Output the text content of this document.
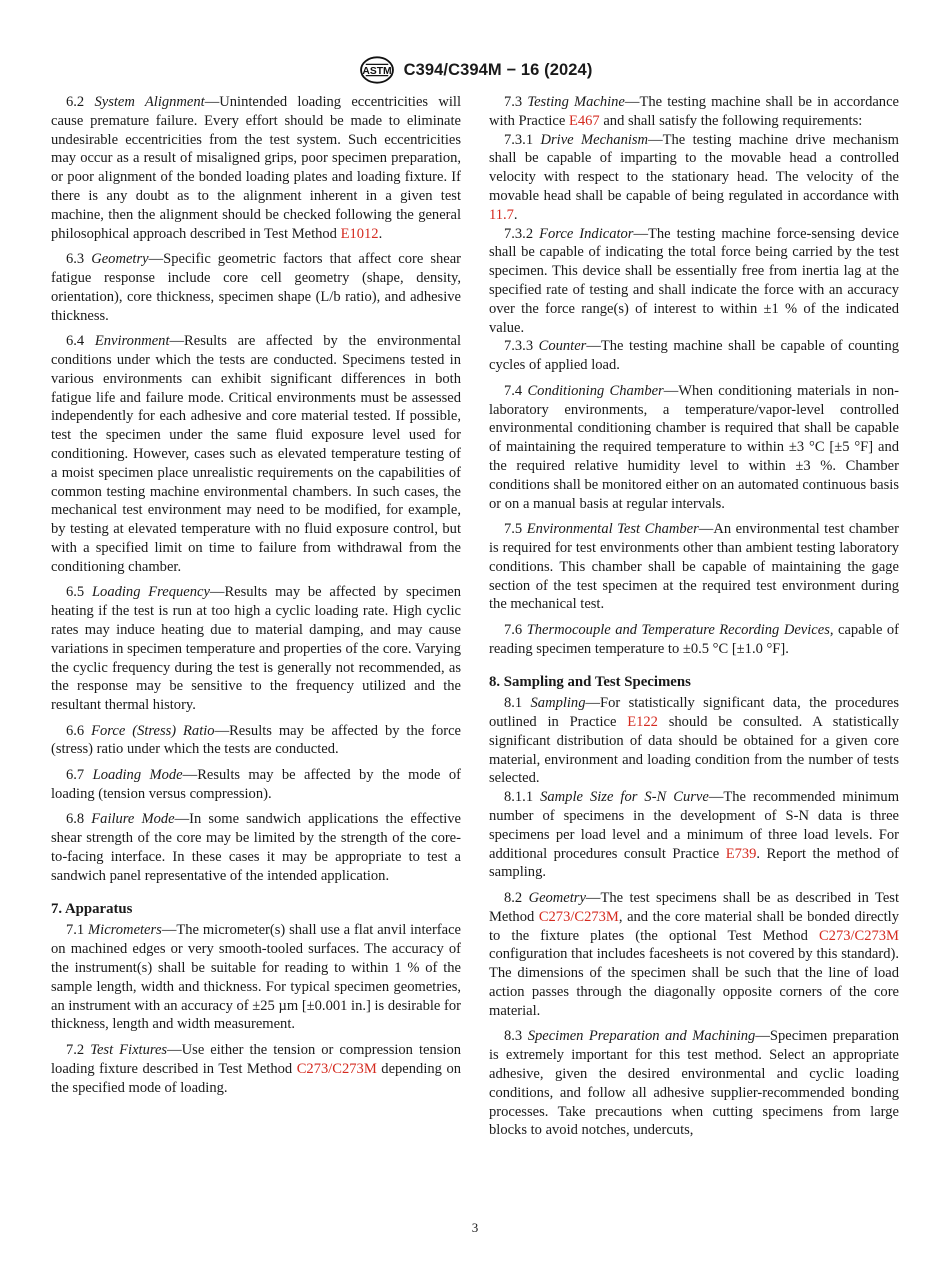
ASTM C394/C394M − 16 (2024)

6.2 System Alignment—Unintended loading eccentricities will cause premature failure. Every effort should be made to eliminate undesirable eccentricities from the test system. Such eccentricities may occur as a result of misaligned grips, poor specimen preparation, or poor alignment of the bonded loading plates and loading fixture. If there is any doubt as to the alignment inherent in a given test machine, then the alignment should be checked following the general philosophical approach described in Test Method E1012.

6.3 Geometry—Specific geometric factors that affect core shear fatigue response include core cell geometry (shape, density, orientation), core thickness, specimen shape (L/b ratio), and adhesive thickness.

6.4 Environment—Results are affected by the environmental conditions under which the tests are conducted. Specimens tested in various environments can exhibit significant differences in both fatigue life and failure mode. Critical environments must be assessed independently for each adhesive and core material tested. If possible, test the specimen under the same fluid exposure level used for conditioning. However, cases such as elevated temperature testing of a moist specimen place unrealistic requirements on the capabilities of common testing machine environmental chambers. In such cases, the mechanical test environment may need to be modified, for example, by testing at elevated temperature with no fluid exposure control, but with a specified limit on time to failure from withdrawal from the conditioning chamber.

6.5 Loading Frequency—Results may be affected by specimen heating if the test is run at too high a cyclic loading rate. High cyclic rates may induce heating due to material damping, and may cause variations in specimen temperature and properties of the core. Varying the cyclic frequency during the test is generally not recommended, as the response may be sensitive to the frequency utilized and the resultant thermal history.

6.6 Force (Stress) Ratio—Results may be affected by the force (stress) ratio under which the tests are conducted.

6.7 Loading Mode—Results may be affected by the mode of loading (tension versus compression).

6.8 Failure Mode—In some sandwich applications the effective shear strength of the core may be limited by the strength of the core-to-facing interface. In these cases it may be appropriate to test a sandwich panel representative of the intended application.

7. Apparatus

7.1 Micrometers—The micrometer(s) shall use a flat anvil interface on machined edges or very smooth-tooled surfaces. The accuracy of the instrument(s) shall be suitable for reading to within 1 % of the sample length, width and thickness. For typical specimen geometries, an instrument with an accuracy of ±25 µm [±0.001 in.] is desirable for thickness, length and width measurement.

7.2 Test Fixtures—Use either the tension or compression tension loading fixture described in Test Method C273/C273M depending on the specified mode of loading.

7.3 Testing Machine—The testing machine shall be in accordance with Practice E467 and shall satisfy the following requirements:

7.3.1 Drive Mechanism—The testing machine drive mechanism shall be capable of imparting to the movable head a controlled velocity with respect to the stationary head. The velocity of the movable head shall be capable of being regulated in accordance with 11.7.

7.3.2 Force Indicator—The testing machine force-sensing device shall be capable of indicating the total force being carried by the test specimen. This device shall be essentially free from inertia lag at the specified rate of testing and shall indicate the force with an accuracy over the force range(s) of interest to within ±1 % of the indicated value.

7.3.3 Counter—The testing machine shall be capable of counting cycles of applied load.

7.4 Conditioning Chamber—When conditioning materials in non-laboratory environments, a temperature/vapor-level controlled environmental conditioning chamber is required that shall be capable of maintaining the required temperature to within ±3 °C [±5 °F] and the required relative humidity level to within ±3 %. Chamber conditions shall be monitored either on an automated continuous basis or on a manual basis at regular intervals.

7.5 Environmental Test Chamber—An environmental test chamber is required for test environments other than ambient testing laboratory conditions. This chamber shall be capable of maintaining the gage section of the test specimen at the required test environment during the mechanical test.

7.6 Thermocouple and Temperature Recording Devices, capable of reading specimen temperature to ±0.5 °C [±1.0 °F].

8. Sampling and Test Specimens

8.1 Sampling—For statistically significant data, the procedures outlined in Practice E122 should be consulted. A statistically significant distribution of data should be obtained for a given core material, environment and loading condition from the number of tests selected.

8.1.1 Sample Size for S-N Curve—The recommended minimum number of specimens in the development of S-N data is three specimens per load level and a minimum of three load levels. For additional procedures consult Practice E739. Report the method of sampling.

8.2 Geometry—The test specimens shall be as described in Test Method C273/C273M, and the core material shall be bonded directly to the fixture plates (the optional Test Method C273/C273M configuration that includes facesheets is not covered by this standard). The dimensions of the specimen shall be such that the line of load action passes through the diagonally opposite corners of the core material.

8.3 Specimen Preparation and Machining—Specimen preparation is extremely important for this test method. Select an appropriate adhesive, given the desired environmental and cyclic loading conditions, and follow all adhesive supplier-recommended bonding processes. Take precautions when cutting specimens from large blocks to avoid notches, undercuts,

3
